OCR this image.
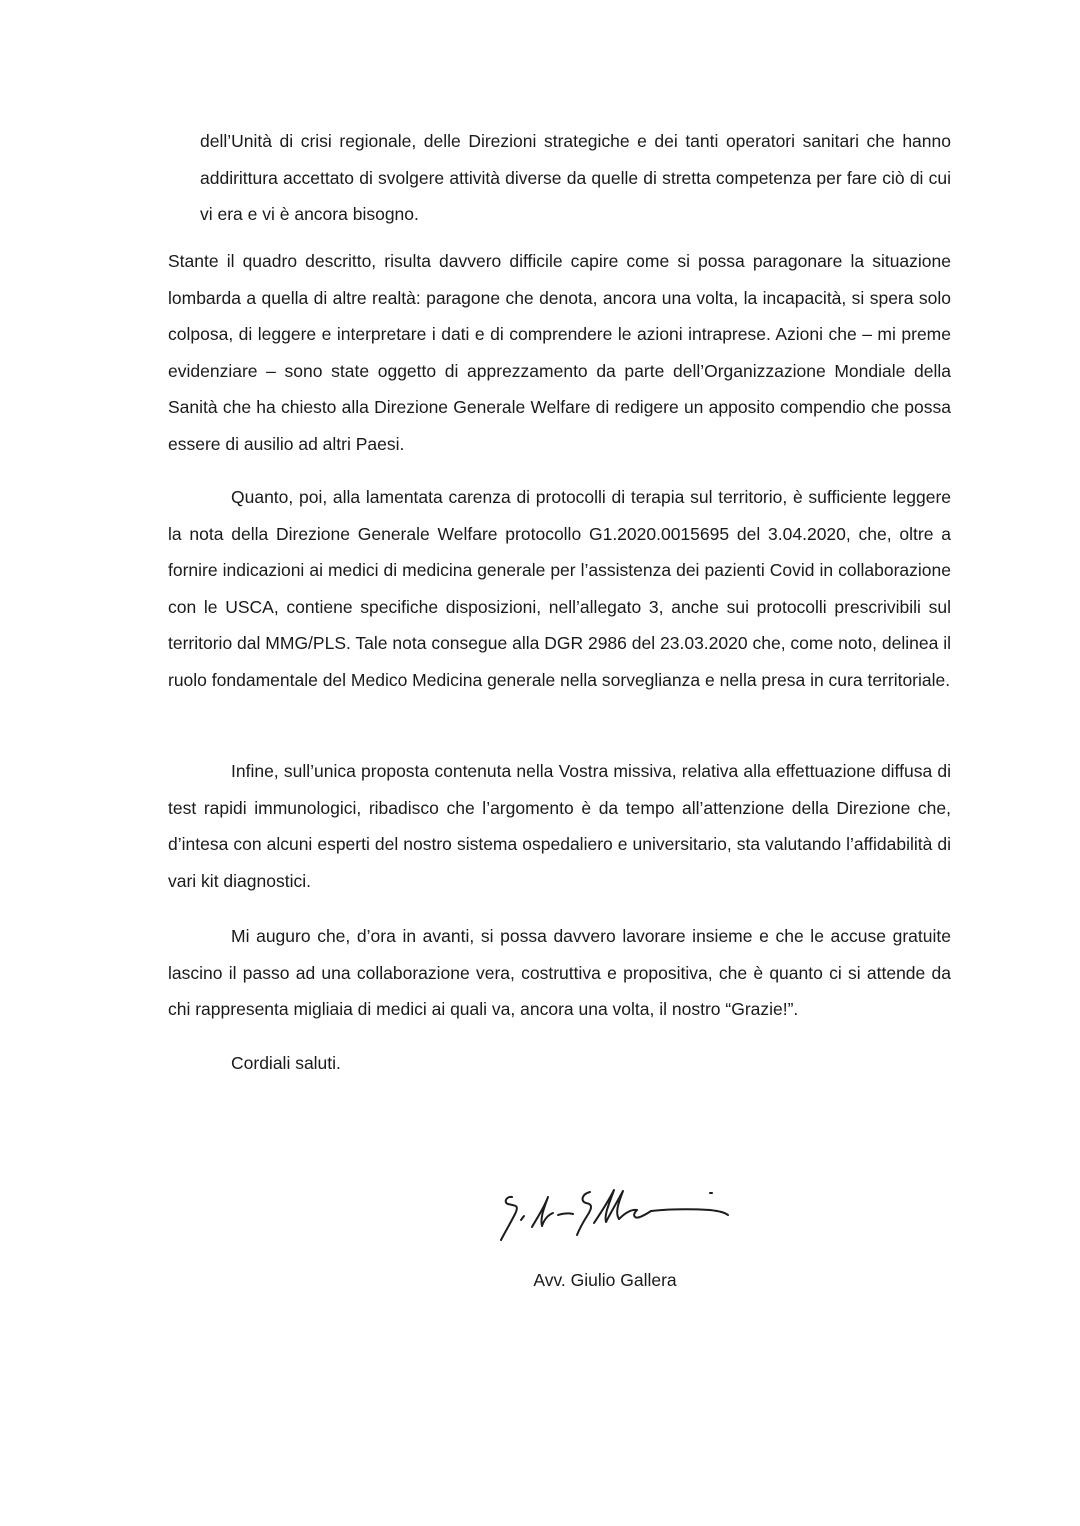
dell’Unità di crisi regionale, delle Direzioni strategiche e dei tanti operatori sanitari che hanno addirittura accettato di svolgere attività diverse da quelle di stretta competenza per fare ciò di cui vi era e vi è ancora bisogno.

Stante il quadro descritto, risulta davvero difficile capire come si possa paragonare la situazione lombarda a quella di altre realtà: paragone che denota, ancora una volta, la incapacità, si spera solo colposa, di leggere e interpretare i dati e di comprendere le azioni intraprese. Azioni che – mi preme evidenziare – sono state oggetto di apprezzamento da parte dell’Organizzazione Mondiale della Sanità che ha chiesto alla Direzione Generale Welfare di redigere un apposito compendio che possa essere di ausilio ad altri Paesi.

Quanto, poi, alla lamentata carenza di protocolli di terapia sul territorio, è sufficiente leggere la nota della Direzione Generale Welfare protocollo G1.2020.0015695 del 3.04.2020, che, oltre a fornire indicazioni ai medici di medicina generale per l’assistenza dei pazienti Covid in collaborazione con le USCA, contiene specifiche disposizioni, nell’allegato 3, anche sui protocolli prescrivibili sul territorio dal MMG/PLS. Tale nota consegue alla DGR 2986 del 23.03.2020 che, come noto, delinea il ruolo fondamentale del Medico Medicina generale nella sorveglianza e nella presa in cura territoriale.

Infine, sull’unica proposta contenuta nella Vostra missiva, relativa alla effettuazione diffusa di test rapidi immunologici, ribadisco che l’argomento è da tempo all’attenzione della Direzione che, d’intesa con alcuni esperti del nostro sistema ospedaliero e universitario, sta valutando l’affidabilità di vari kit diagnostici.

Mi auguro che, d’ora in avanti, si possa davvero lavorare insieme e che le accuse gratuite lascino il passo ad una collaborazione vera, costruttiva e propositiva, che è quanto ci si attende da chi rappresenta migliaia di medici ai quali va, ancora una volta, il nostro “Grazie!”.

Cordiali saluti.

Avv. Giulio Gallera
